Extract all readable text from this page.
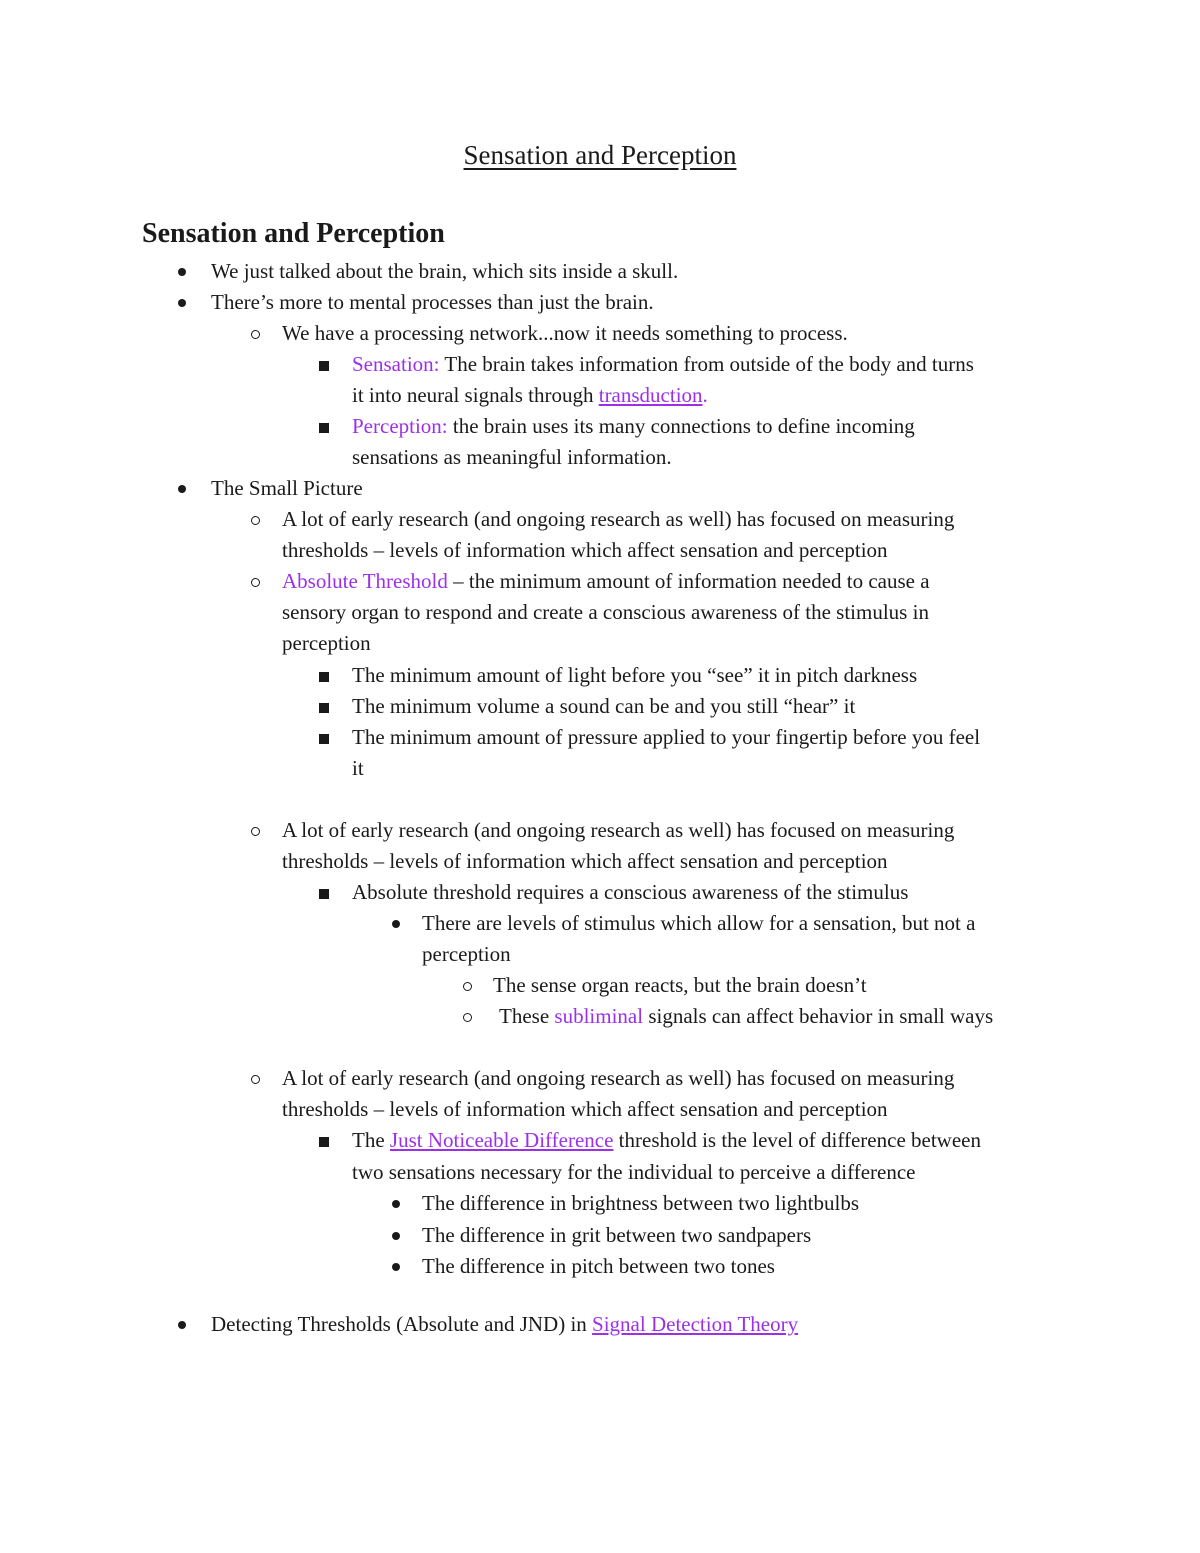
Sensation and Perception
Sensation and Perception
We just talked about the brain, which sits inside a skull.
There’s more to mental processes than just the brain.
We have a processing network...now it needs something to process.
Sensation: The brain takes information from outside of the body and turns
it into neural signals through transduction.
Perception: the brain uses its many connections to define incoming
sensations as meaningful information.
The Small Picture
A lot of early research (and ongoing research as well) has focused on measuring
thresholds – levels of information which affect sensation and perception
Absolute Threshold – the minimum amount of information needed to cause a
sensory organ to respond and create a conscious awareness of the stimulus in
perception
The minimum amount of light before you “see” it in pitch darkness
The minimum volume a sound can be and you still “hear” it
The minimum amount of pressure applied to your fingertip before you feel
it
A lot of early research (and ongoing research as well) has focused on measuring
thresholds – levels of information which affect sensation and perception
Absolute threshold requires a conscious awareness of the stimulus
There are levels of stimulus which allow for a sensation, but not a
perception
The sense organ reacts, but the brain doesn’t
These subliminal signals can affect behavior in small ways
A lot of early research (and ongoing research as well) has focused on measuring
thresholds – levels of information which affect sensation and perception
The Just Noticeable Difference threshold is the level of difference between
two sensations necessary for the individual to perceive a difference
The difference in brightness between two lightbulbs
The difference in grit between two sandpapers
The difference in pitch between two tones
Detecting Thresholds (Absolute and JND) in Signal Detection Theory
